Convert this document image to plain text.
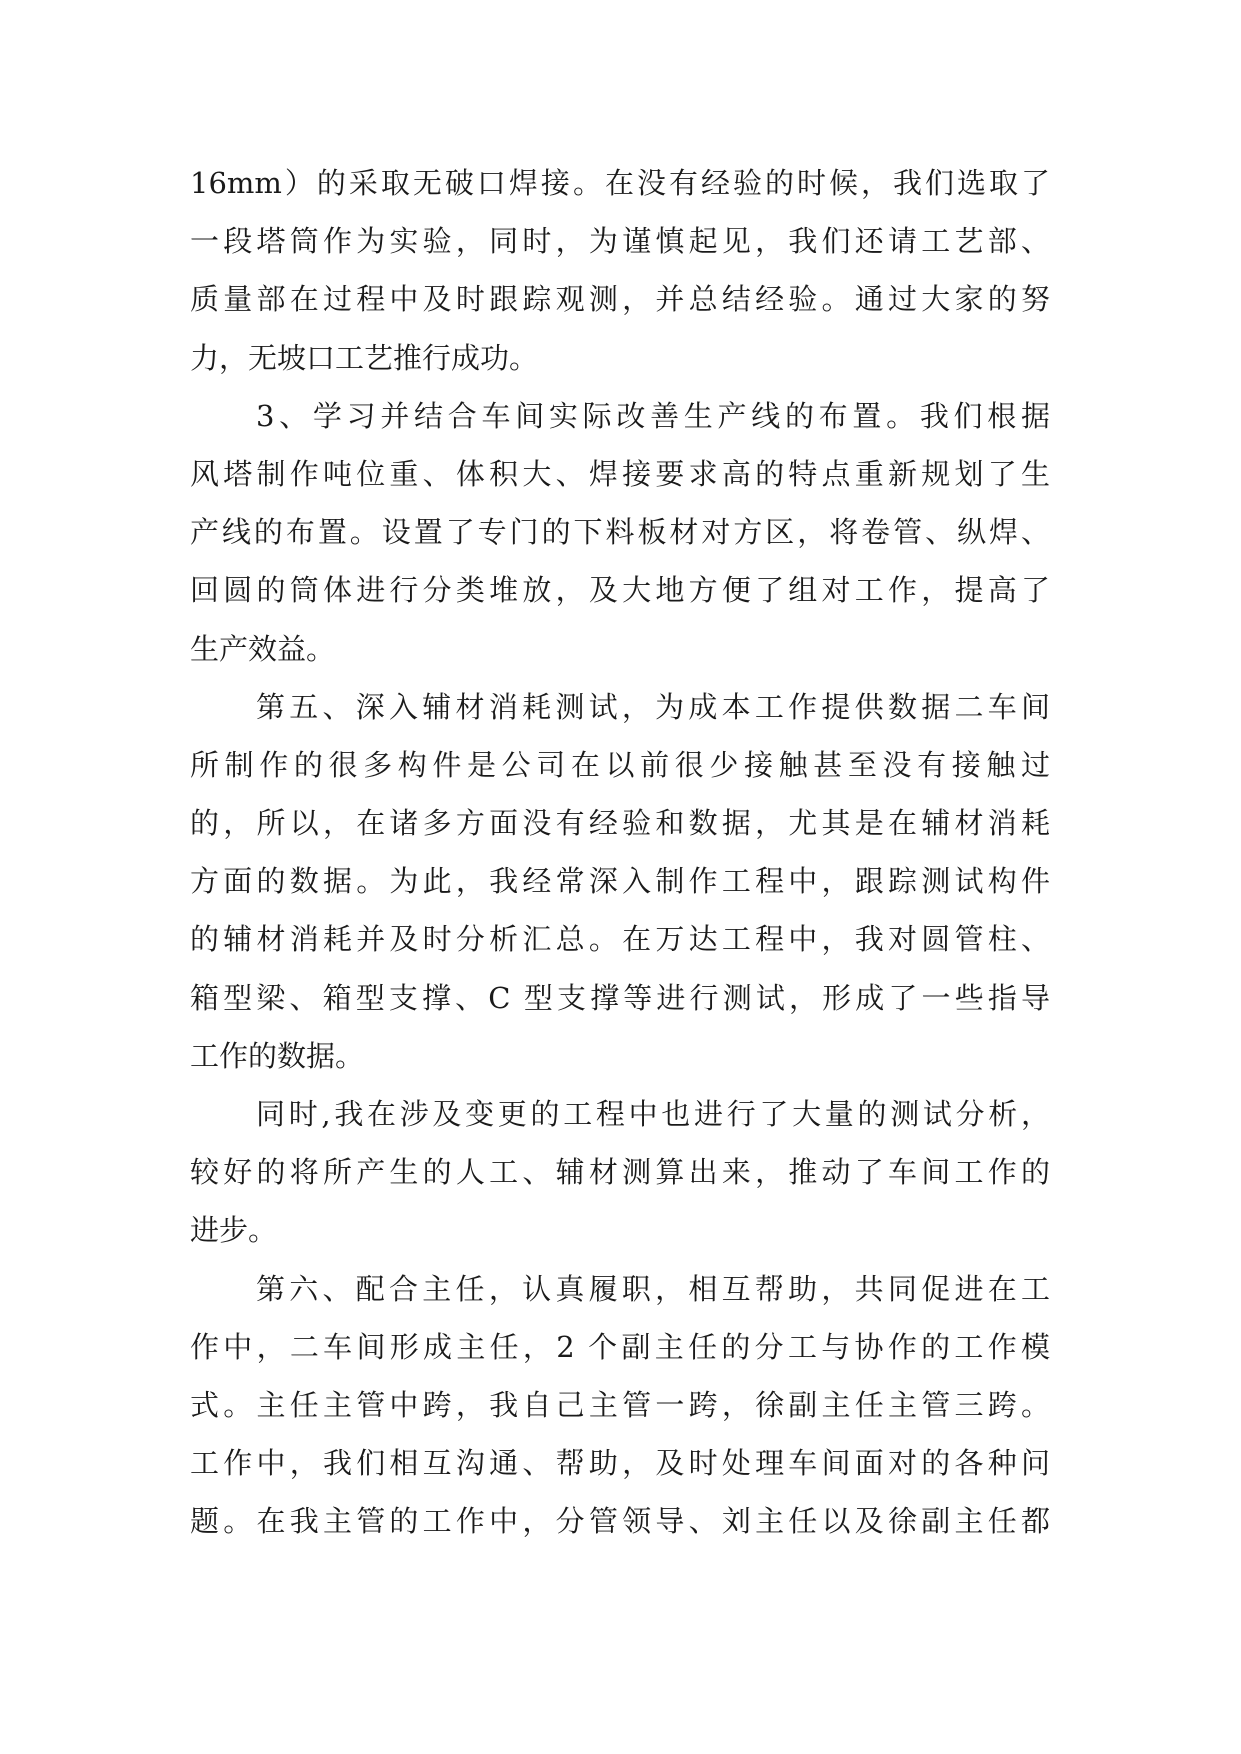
16mm）的采取无破口焊接。在没有经验的时候，我们选取了
一段塔筒作为实验，同时，为谨慎起见，我们还请工艺部、
质量部在过程中及时跟踪观测，并总结经验。通过大家的努
力，无坡口工艺推行成功。
3、学习并结合车间实际改善生产线的布置。我们根据
风塔制作吨位重、体积大、焊接要求高的特点重新规划了生
产线的布置。设置了专门的下料板材对方区，将卷管、纵焊、
回圆的筒体进行分类堆放，及大地方便了组对工作，提高了
生产效益。
第五、深入辅材消耗测试，为成本工作提供数据二车间
所制作的很多构件是公司在以前很少接触甚至没有接触过
的，所以，在诸多方面没有经验和数据，尤其是在辅材消耗
方面的数据。为此，我经常深入制作工程中，跟踪测试构件
的辅材消耗并及时分析汇总。在万达工程中，我对圆管柱、
箱型梁、箱型支撑、C 型支撑等进行测试，形成了一些指导
工作的数据。
同时,我在涉及变更的工程中也进行了大量的测试分析，
较好的将所产生的人工、辅材测算出来，推动了车间工作的
进步。
第六、配合主任，认真履职，相互帮助，共同促进在工
作中，二车间形成主任，2 个副主任的分工与协作的工作模
式。主任主管中跨，我自己主管一跨，徐副主任主管三跨。
工作中，我们相互沟通、帮助，及时处理车间面对的各种问
题。在我主管的工作中，分管领导、刘主任以及徐副主任都
